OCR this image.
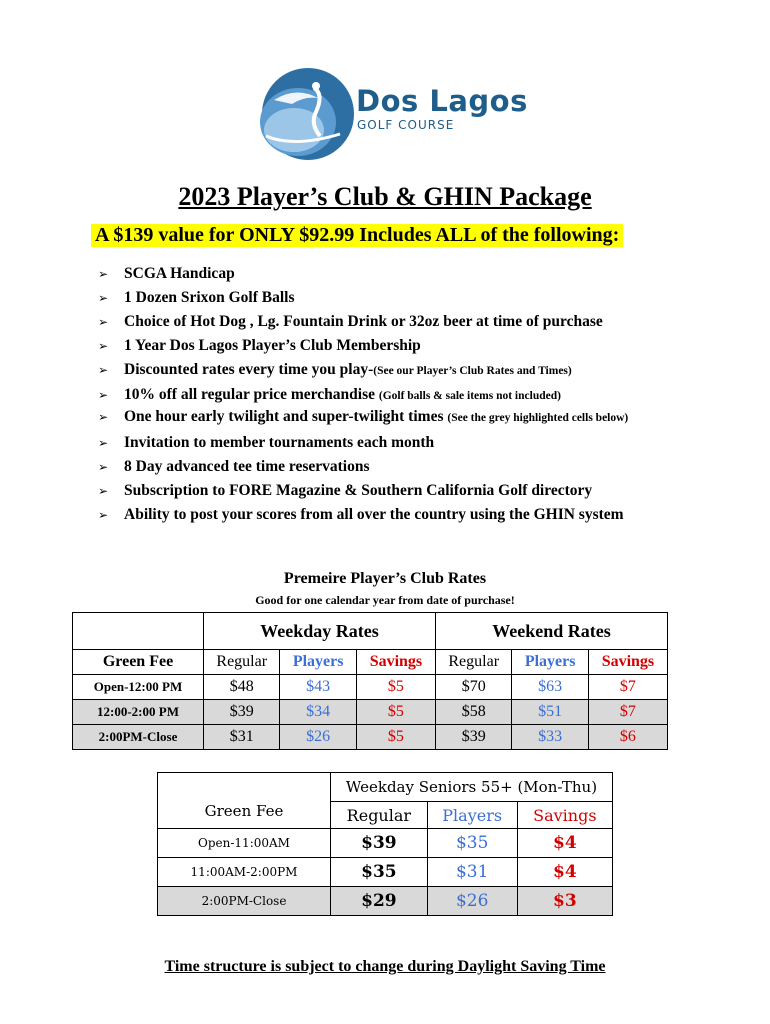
Dos Lagos
GOLF COURSE
2023 Player’s Club & GHIN Package
A $139 value for ONLY $92.99 Includes ALL of the following:
➢ SCGA Handicap
➢ 1 Dozen Srixon Golf Balls
➢ Choice of Hot Dog , Lg. Fountain Drink or 32oz beer at time of purchase
➢ 1 Year Dos Lagos Player’s Club Membership
➢ Discounted rates every time you play-(See our Player’s Club Rates and Times)
➢ 10% off all regular price merchandise (Golf balls & sale items not included)
➢ One hour early twilight and super-twilight times (See the grey highlighted cells below)
➢ Invitation to member tournaments each month
➢ 8 Day advanced tee time reservations
➢ Subscription to FORE Magazine & Southern California Golf directory
➢ Ability to post your scores from all over the country using the GHIN system
Premeire Player’s Club Rates
Good for one calendar year from date of purchase!
	Weekday Rates			Weekend Rates		
Green Fee	Regular	Players	Savings	Regular	Players	Savings
Open-12:00 PM	$48	$43	$5	$70	$63	$7
12:00-2:00 PM	$39	$34	$5	$58	$51	$7
2:00PM-Close	$31	$26	$5	$39	$33	$6
Green Fee	Weekday Seniors 55+ (Mon-Thu)		
	Regular	Players	Savings
Open-11:00AM	$39	$35	$4
11:00AM-2:00PM	$35	$31	$4
2:00PM-Close	$29	$26	$3
Time structure is subject to change during Daylight Saving Time
